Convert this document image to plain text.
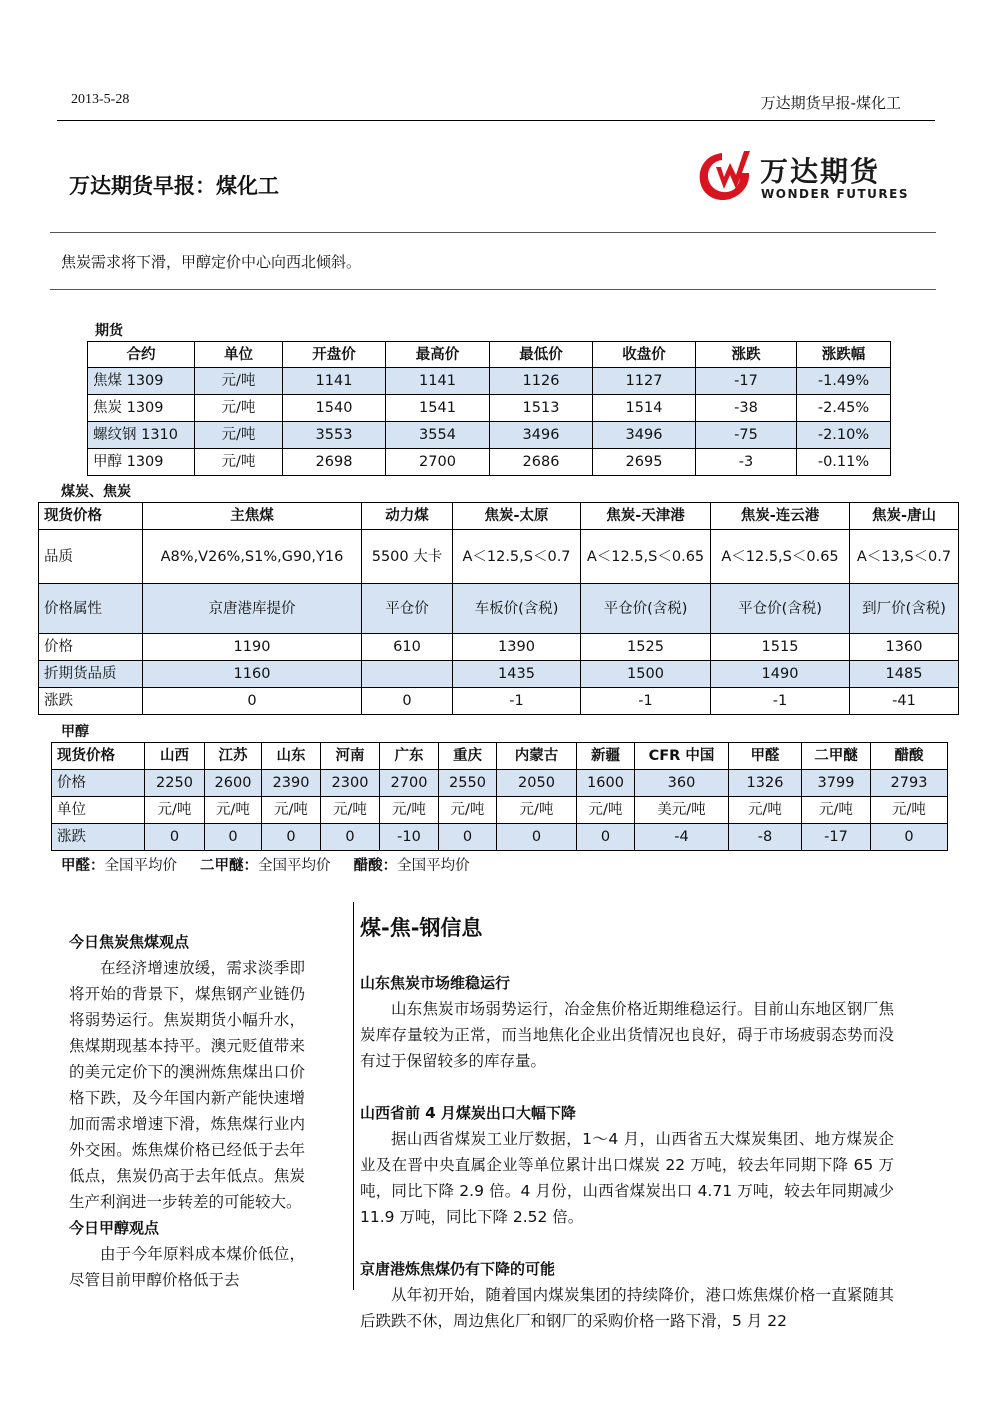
2013-5-28	万达期货早报-煤化工
万达期货早报：煤化工	万达期货
WONDER FUTURES
焦炭需求将下滑，甲醇定价中心向西北倾斜。
期货
合约	单位	开盘价	最高价	最低价	收盘价	涨跌	涨跌幅
焦煤 1309	元/吨	1141	1141	1126	1127	-17	-1.49%
焦炭 1309	元/吨	1540	1541	1513	1514	-38	-2.45%
螺纹钢 1310	元/吨	3553	3554	3496	3496	-75	-2.10%
甲醇 1309	元/吨	2698	2700	2686	2695	-3	-0.11%
煤炭、焦炭
现货价格	主焦煤	动力煤	焦炭-太原	焦炭-天津港	焦炭-连云港	焦炭-唐山
品质	A8%,V26%,S1%,G90,Y16	5500 大卡	A＜12.5,S＜0.7	A＜12.5,S＜0.65	A＜12.5,S＜0.65	A＜13,S＜0.7
价格属性	京唐港库提价	平仓价	车板价(含税)	平仓价(含税)	平仓价(含税)	到厂价(含税)
价格	1190	610	1390	1525	1515	1360
折期货品质	1160		1435	1500	1490	1485
涨跌	0	0	-1	-1	-1	-41
甲醇
现货价格	山西	江苏	山东	河南	广东	重庆	内蒙古	新疆	CFR 中国	甲醛	二甲醚	醋酸
价格	2250	2600	2390	2300	2700	2550	2050	1600	360	1326	3799	2793
单位	元/吨	元/吨	元/吨	元/吨	元/吨	元/吨	元/吨	元/吨	美元/吨	元/吨	元/吨	元/吨
涨跌	0	0	0	0	-10	0	0	0	-4	-8	-17	0
甲醛：全国平均价 二甲醚：全国平均价 醋酸：全国平均价

今日焦炭焦煤观点

在经济增速放缓，需求淡季即将开始的背景下，煤焦钢产业链仍将弱势运行。焦炭期货小幅升水，焦煤期现基本持平。澳元贬值带来的美元定价下的澳洲炼焦煤出口价格下跌，及今年国内新产能快速增加而需求增速下滑，炼焦煤行业内外交困。炼焦煤价格已经低于去年低点，焦炭仍高于去年低点。焦炭生产利润进一步转差的可能较大。

今日甲醇观点

由于今年原料成本煤价低位，尽管目前甲醇价格低于去

煤-焦-钢信息
山东焦炭市场维稳运行

山东焦炭市场弱势运行，冶金焦价格近期维稳运行。目前山东地区钢厂焦炭库存量较为正常，而当地焦化企业出货情况也良好，碍于市场疲弱态势而没有过于保留较多的库存量。

山西省前 4 月煤炭出口大幅下降

据山西省煤炭工业厅数据，1～4 月，山西省五大煤炭集团、地方煤炭企业及在晋中央直属企业等单位累计出口煤炭 22 万吨，较去年同期下降 65 万吨，同比下降 2.9 倍。4 月份，山西省煤炭出口 4.71 万吨，较去年同期减少 11.9 万吨，同比下降 2.52 倍。

京唐港炼焦煤仍有下降的可能

从年初开始，随着国内煤炭集团的持续降价，港口炼焦煤价格一直紧随其后跌跌不休，周边焦化厂和钢厂的采购价格一路下滑，5 月 22
